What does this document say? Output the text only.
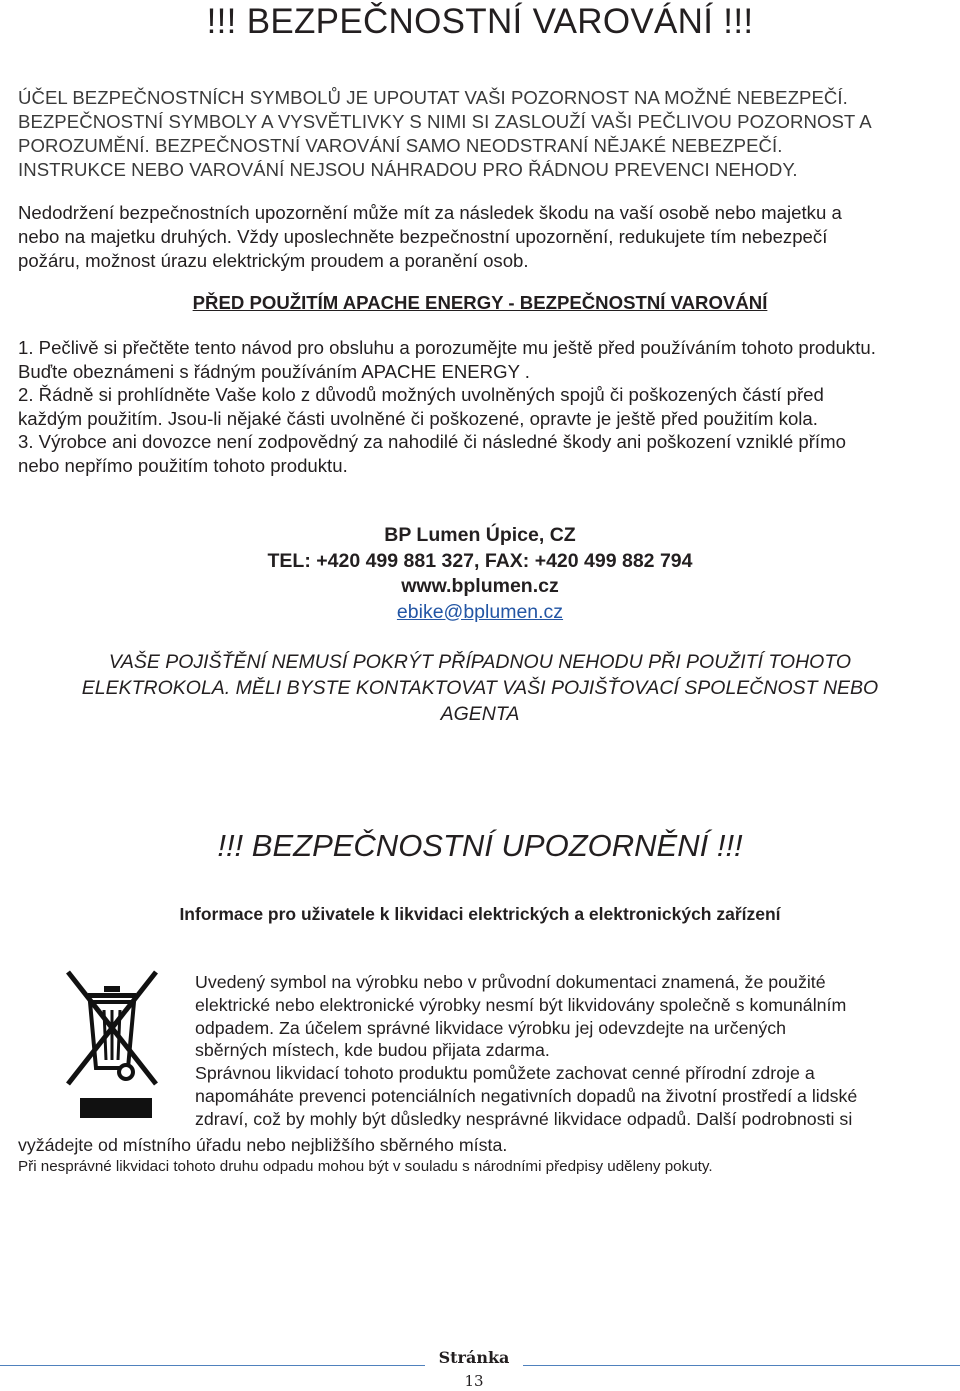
!!! BEZPEČNOSTNÍ VAROVÁNÍ !!!
ÚČEL BEZPEČNOSTNÍCH SYMBOLŮ JE UPOUTAT VAŠI POZORNOST NA MOŽNÉ NEBEZPEČÍ.
BEZPEČNOSTNÍ SYMBOLY A VYSVĚTLIVKY S NIMI SI ZASLOUŽÍ VAŠI PEČLIVOU POZORNOST A
POROZUMĚNÍ. BEZPEČNOSTNÍ VAROVÁNÍ SAMO NEODSTRANÍ NĚJAKÉ NEBEZPEČÍ.
INSTRUKCE NEBO VAROVÁNÍ NEJSOU NÁHRADOU PRO ŘÁDNOU PREVENCI NEHODY.
Nedodržení bezpečnostních upozornění může mít za následek škodu na vaší osobě nebo majetku a
nebo na majetku druhých. Vždy uposlechněte bezpečnostní upozornění, redukujete tím nebezpečí
požáru, možnost úrazu elektrickým proudem a poranění osob.
PŘED POUŽITÍM APACHE ENERGY - BEZPEČNOSTNÍ VAROVÁNÍ
1. Pečlivě si přečtěte tento návod pro obsluhu a porozumějte mu ještě před používáním tohoto produktu.
Buďte obeznámeni s řádným používáním APACHE ENERGY .
2. Řádně si prohlídněte Vaše kolo z důvodů možných uvolněných spojů či poškozených částí před
každým použitím. Jsou-li nějaké části uvolněné či poškozené, opravte je ještě před použitím kola.
3. Výrobce ani dovozce není zodpovědný za nahodilé či následné škody ani poškození vzniklé přímo
nebo nepřímo použitím tohoto produktu.
BP Lumen Úpice, CZ
TEL: +420 499 881 327, FAX: +420 499 882 794
www.bplumen.cz
ebike@bplumen.cz
VAŠE POJIŠŤĚNÍ NEMUSÍ POKRÝT PŘÍPADNOU NEHODU PŘI POUŽITÍ TOHOTO
ELEKTROKOLA. MĚLI BYSTE KONTAKTOVAT VAŠI POJIŠŤOVACÍ SPOLEČNOST NEBO
AGENTA
!!! BEZPEČNOSTNÍ UPOZORNĚNÍ !!!
Informace pro uživatele k likvidaci elektrických a elektronických zařízení
Uvedený symbol na výrobku nebo v průvodní dokumentaci znamená, že použité
elektrické nebo elektronické výrobky nesmí být likvidovány společně s komunálním
odpadem. Za účelem správné likvidace výrobku jej odevzdejte na určených
sběrných místech, kde budou přijata zdarma.
Správnou likvidací tohoto produktu pomůžete zachovat cenné přírodní zdroje a
napomáháte prevenci potenciálních negativních dopadů na životní prostředí a lidské
zdraví, což by mohly být důsledky nesprávné likvidace odpadů. Další podrobnosti si
vyžádejte od místního úřadu nebo nejbližšího sběrného místa.
Při nesprávné likvidaci tohoto druhu odpadu mohou být v souladu s národními předpisy uděleny pokuty.
Stránka
13
